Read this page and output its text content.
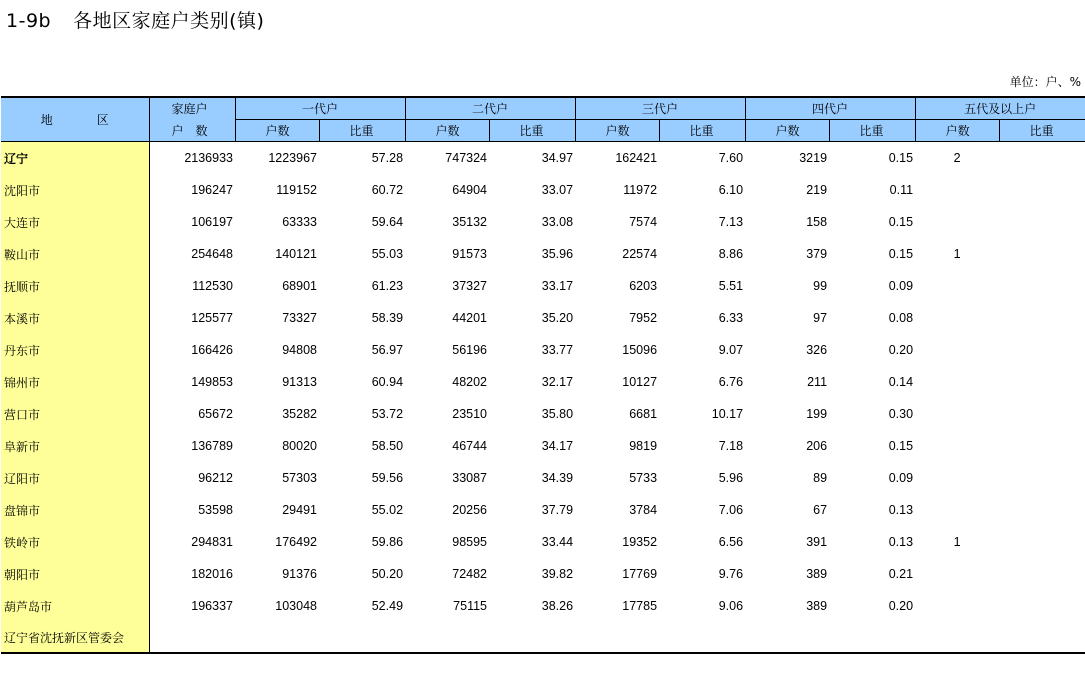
1-9b 各地区家庭户类别(镇)
单位：户、%
地　区	家庭户	一代户		二代户		三代户		四代户		五代及以上户	
	户　数	户数	比重	户数	比重	户数	比重	户数	比重	户数	比重
辽宁	2136933	1223967	57.28	747324	34.97	162421	7.60	3219	0.15	2	
沈阳市	196247	119152	60.72	64904	33.07	11972	6.10	219	0.11		
大连市	106197	63333	59.64	35132	33.08	7574	7.13	158	0.15		
鞍山市	254648	140121	55.03	91573	35.96	22574	8.86	379	0.15	1	
抚顺市	112530	68901	61.23	37327	33.17	6203	5.51	99	0.09		
本溪市	125577	73327	58.39	44201	35.20	7952	6.33	97	0.08		
丹东市	166426	94808	56.97	56196	33.77	15096	9.07	326	0.20		
锦州市	149853	91313	60.94	48202	32.17	10127	6.76	211	0.14		
营口市	65672	35282	53.72	23510	35.80	6681	10.17	199	0.30		
阜新市	136789	80020	58.50	46744	34.17	9819	7.18	206	0.15		
辽阳市	96212	57303	59.56	33087	34.39	5733	5.96	89	0.09		
盘锦市	53598	29491	55.02	20256	37.79	3784	7.06	67	0.13		
铁岭市	294831	176492	59.86	98595	33.44	19352	6.56	391	0.13	1	
朝阳市	182016	91376	50.20	72482	39.82	17769	9.76	389	0.21		
葫芦岛市	196337	103048	52.49	75115	38.26	17785	9.06	389	0.20		
辽宁省沈抚新区管委会											
